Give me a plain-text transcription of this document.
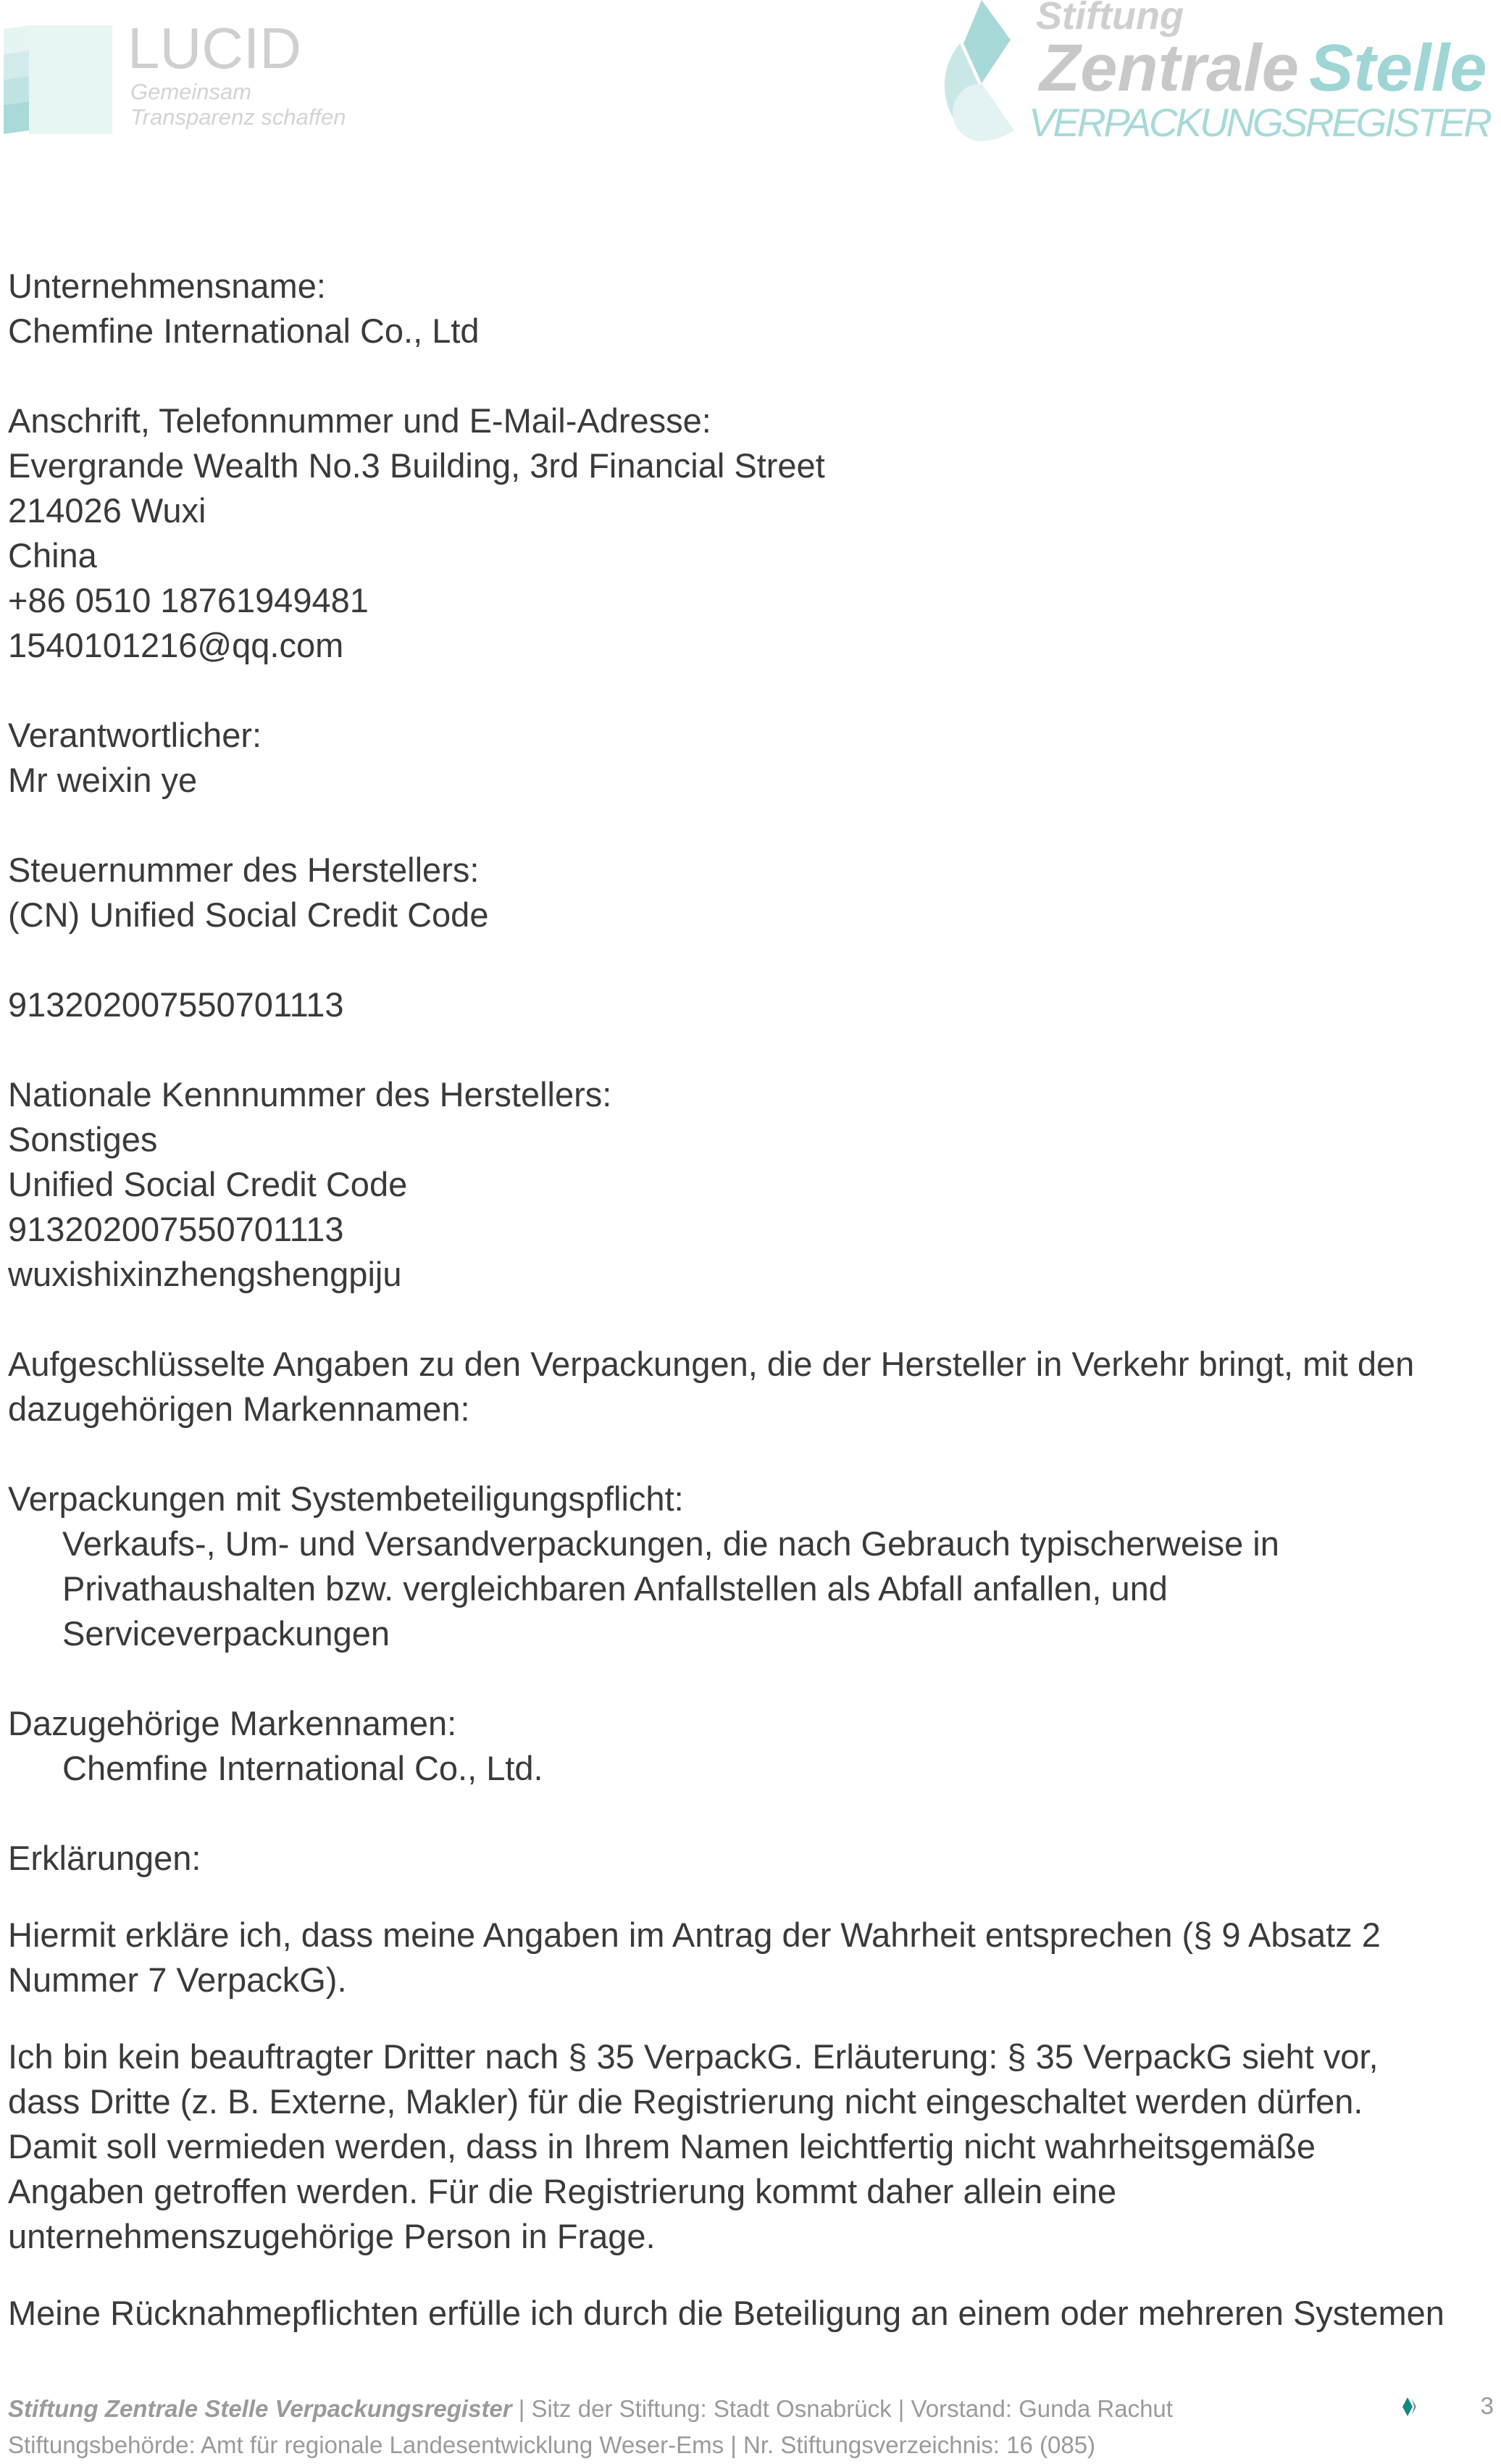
Gemeinsam
Transparenz schaffen
LUCID	Stiftung
Zentrale Stelle
VERPACKUNGSREGISTER
Unternehmensname:
Chemfine International Co., Ltd
Anschrift, Telefonnummer und E-Mail-Adresse:
Evergrande Wealth No.3 Building, 3rd Financial Street
214026 Wuxi
China
+86 0510 18761949481
1540101216@qq.com
Verantwortlicher:
Mr weixin ye
Steuernummer des Herstellers:
(CN) Unified Social Credit Code
913202007550701113
Nationale Kennnummer des Herstellers:
Sonstiges
Unified Social Credit Code
913202007550701113
wuxishixinzhengshengpiju
Aufgeschlüsselte Angaben zu den Verpackungen, die der Hersteller in Verkehr bringt, mit den dazugehörigen Markennamen:
Verpackungen mit Systembeteiligungspflicht:
Verkaufs-, Um- und Versandverpackungen, die nach Gebrauch typischerweise in Privathaushalten bzw. vergleichbaren Anfallstellen als Abfall anfallen, und Serviceverpackungen
Dazugehörige Markennamen:
Chemfine International Co., Ltd.
Erklärungen:
Hiermit erkläre ich, dass meine Angaben im Antrag der Wahrheit entsprechen (§ 9 Absatz 2 Nummer 7 VerpackG).
Ich bin kein beauftragter Dritter nach § 35 VerpackG. Erläuterung: § 35 VerpackG sieht vor, dass Dritte (z. B. Externe, Makler) für die Registrierung nicht eingeschaltet werden dürfen. Damit soll vermieden werden, dass in Ihrem Namen leichtfertig nicht wahrheitsgemäße Angaben getroffen werden. Für die Registrierung kommt daher allein eine unternehmenszugehörige Person in Frage.
Meine Rücknahmepflichten erfülle ich durch die Beteiligung an einem oder mehreren Systemen
Stiftung Zentrale Stelle Verpackungsregister | Sitz der Stiftung: Stadt Osnabrück | Vorstand: Gunda Rachut
Stiftungsbehörde: Amt für regionale Landesentwicklung Weser-Ems | Nr. Stiftungsverzeichnis: 16 (085)
3
